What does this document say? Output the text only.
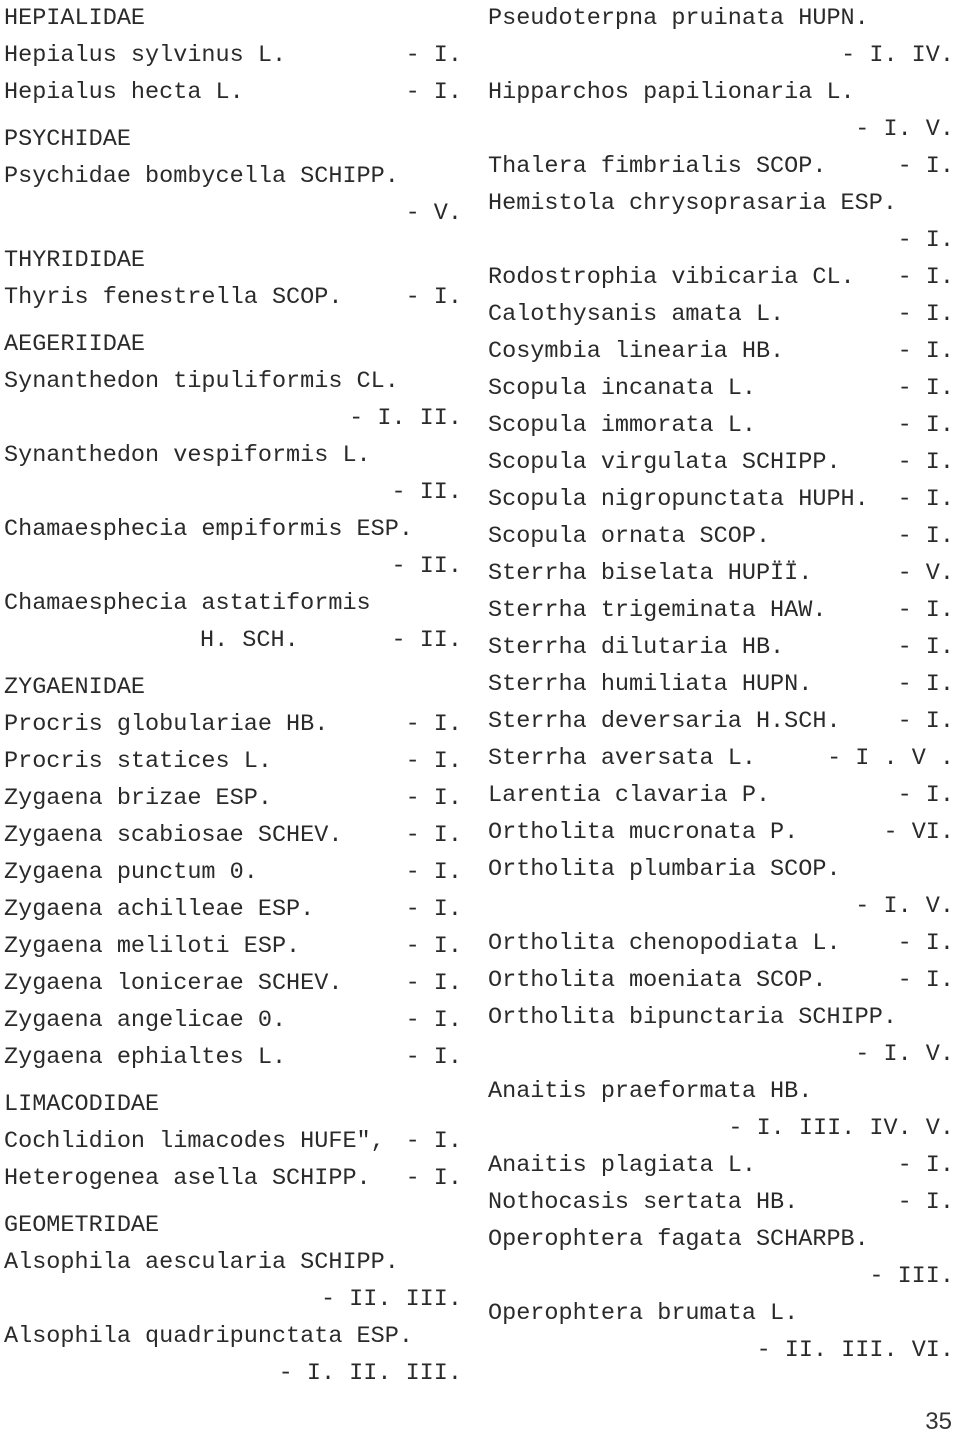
HEPIALIDAE
Hepialus sylvinus L.	- I.
Hepialus hecta L.	- I.
PSYCHIDAE
Psychidae bombycella SCHIPP.
- V.
THYRIDIDAE
Thyris fenestrella SCOP.	- I.
AEGERIIDAE
Synanthedon tipuliformis CL.
- I. II.
Synanthedon vespiformis L.
- II.
Chamaesphecia empiformis ESP.
- II.
Chamaesphecia astatiformis
H. SCH.	- II.
ZYGAENIDAE
Procris globulariae HB.	- I.
Procris statices L.	- I.
Zygaena brizae ESP.	- I.
Zygaena scabiosae SCHEV.	- I.
Zygaena punctum 0.	- I.
Zygaena achilleae ESP.	- I.
Zygaena meliloti ESP.	- I.
Zygaena lonicerae SCHEV.	- I.
Zygaena angelicae 0.	- I.
Zygaena ephialtes L.	- I.
LIMACODIDAE
Cochlidion limacodes HUFE", - I.
Heterogenea asella SCHIPP. - I.
GEOMETRIDAE
Alsophila aescularia SCHIPP.
- II. III.
Alsophila quadripunctata ESP.
- I. II. III.
Pseudoterpna pruinata HUPN.
- I. IV.
Hipparchos papilionaria L.
- I. V.
Thalera fimbrialis SCOP.	- I.
Hemistola chrysoprasaria ESP.
- I.
Rodostrophia vibicaria CL. - I.
Calothysanis amata L.	- I.
Cosymbia linearia HB.	- I.
Scopula incanata L.	- I.
Scopula immorata L.	- I.
Scopula virgulata SCHIPP. - I.
Scopula nigropunctata HUPH. - I.
Scopula ornata SCOP.	- I.
Sterrha biselata HUPÏÏ.	- V.
Sterrha trigeminata HAW.	- I.
Sterrha dilutaria HB.	- I.
Sterrha humiliata HUPN.	- I.
Sterrha deversaria H.SCH. - I.
Sterrha aversata L.	- I . V .
Larentia clavaria P.	- I.
Ortholita mucronata P.	- VI.
Ortholita plumbaria SCOP.
- I. V.
Ortholita chenopodiata L. - I.
Ortholita moeniata SCOP.	- I.
Ortholita bipunctaria SCHIPP.
- I. V.
Anaitis praeformata HB.
- I. III. IV. V.
Anaitis plagiata L.	- I.
Nothocasis sertata HB.	- I.
Operophtera fagata SCHARPB.
- III.
Operophtera brumata L.
- II. III. VI.
35
